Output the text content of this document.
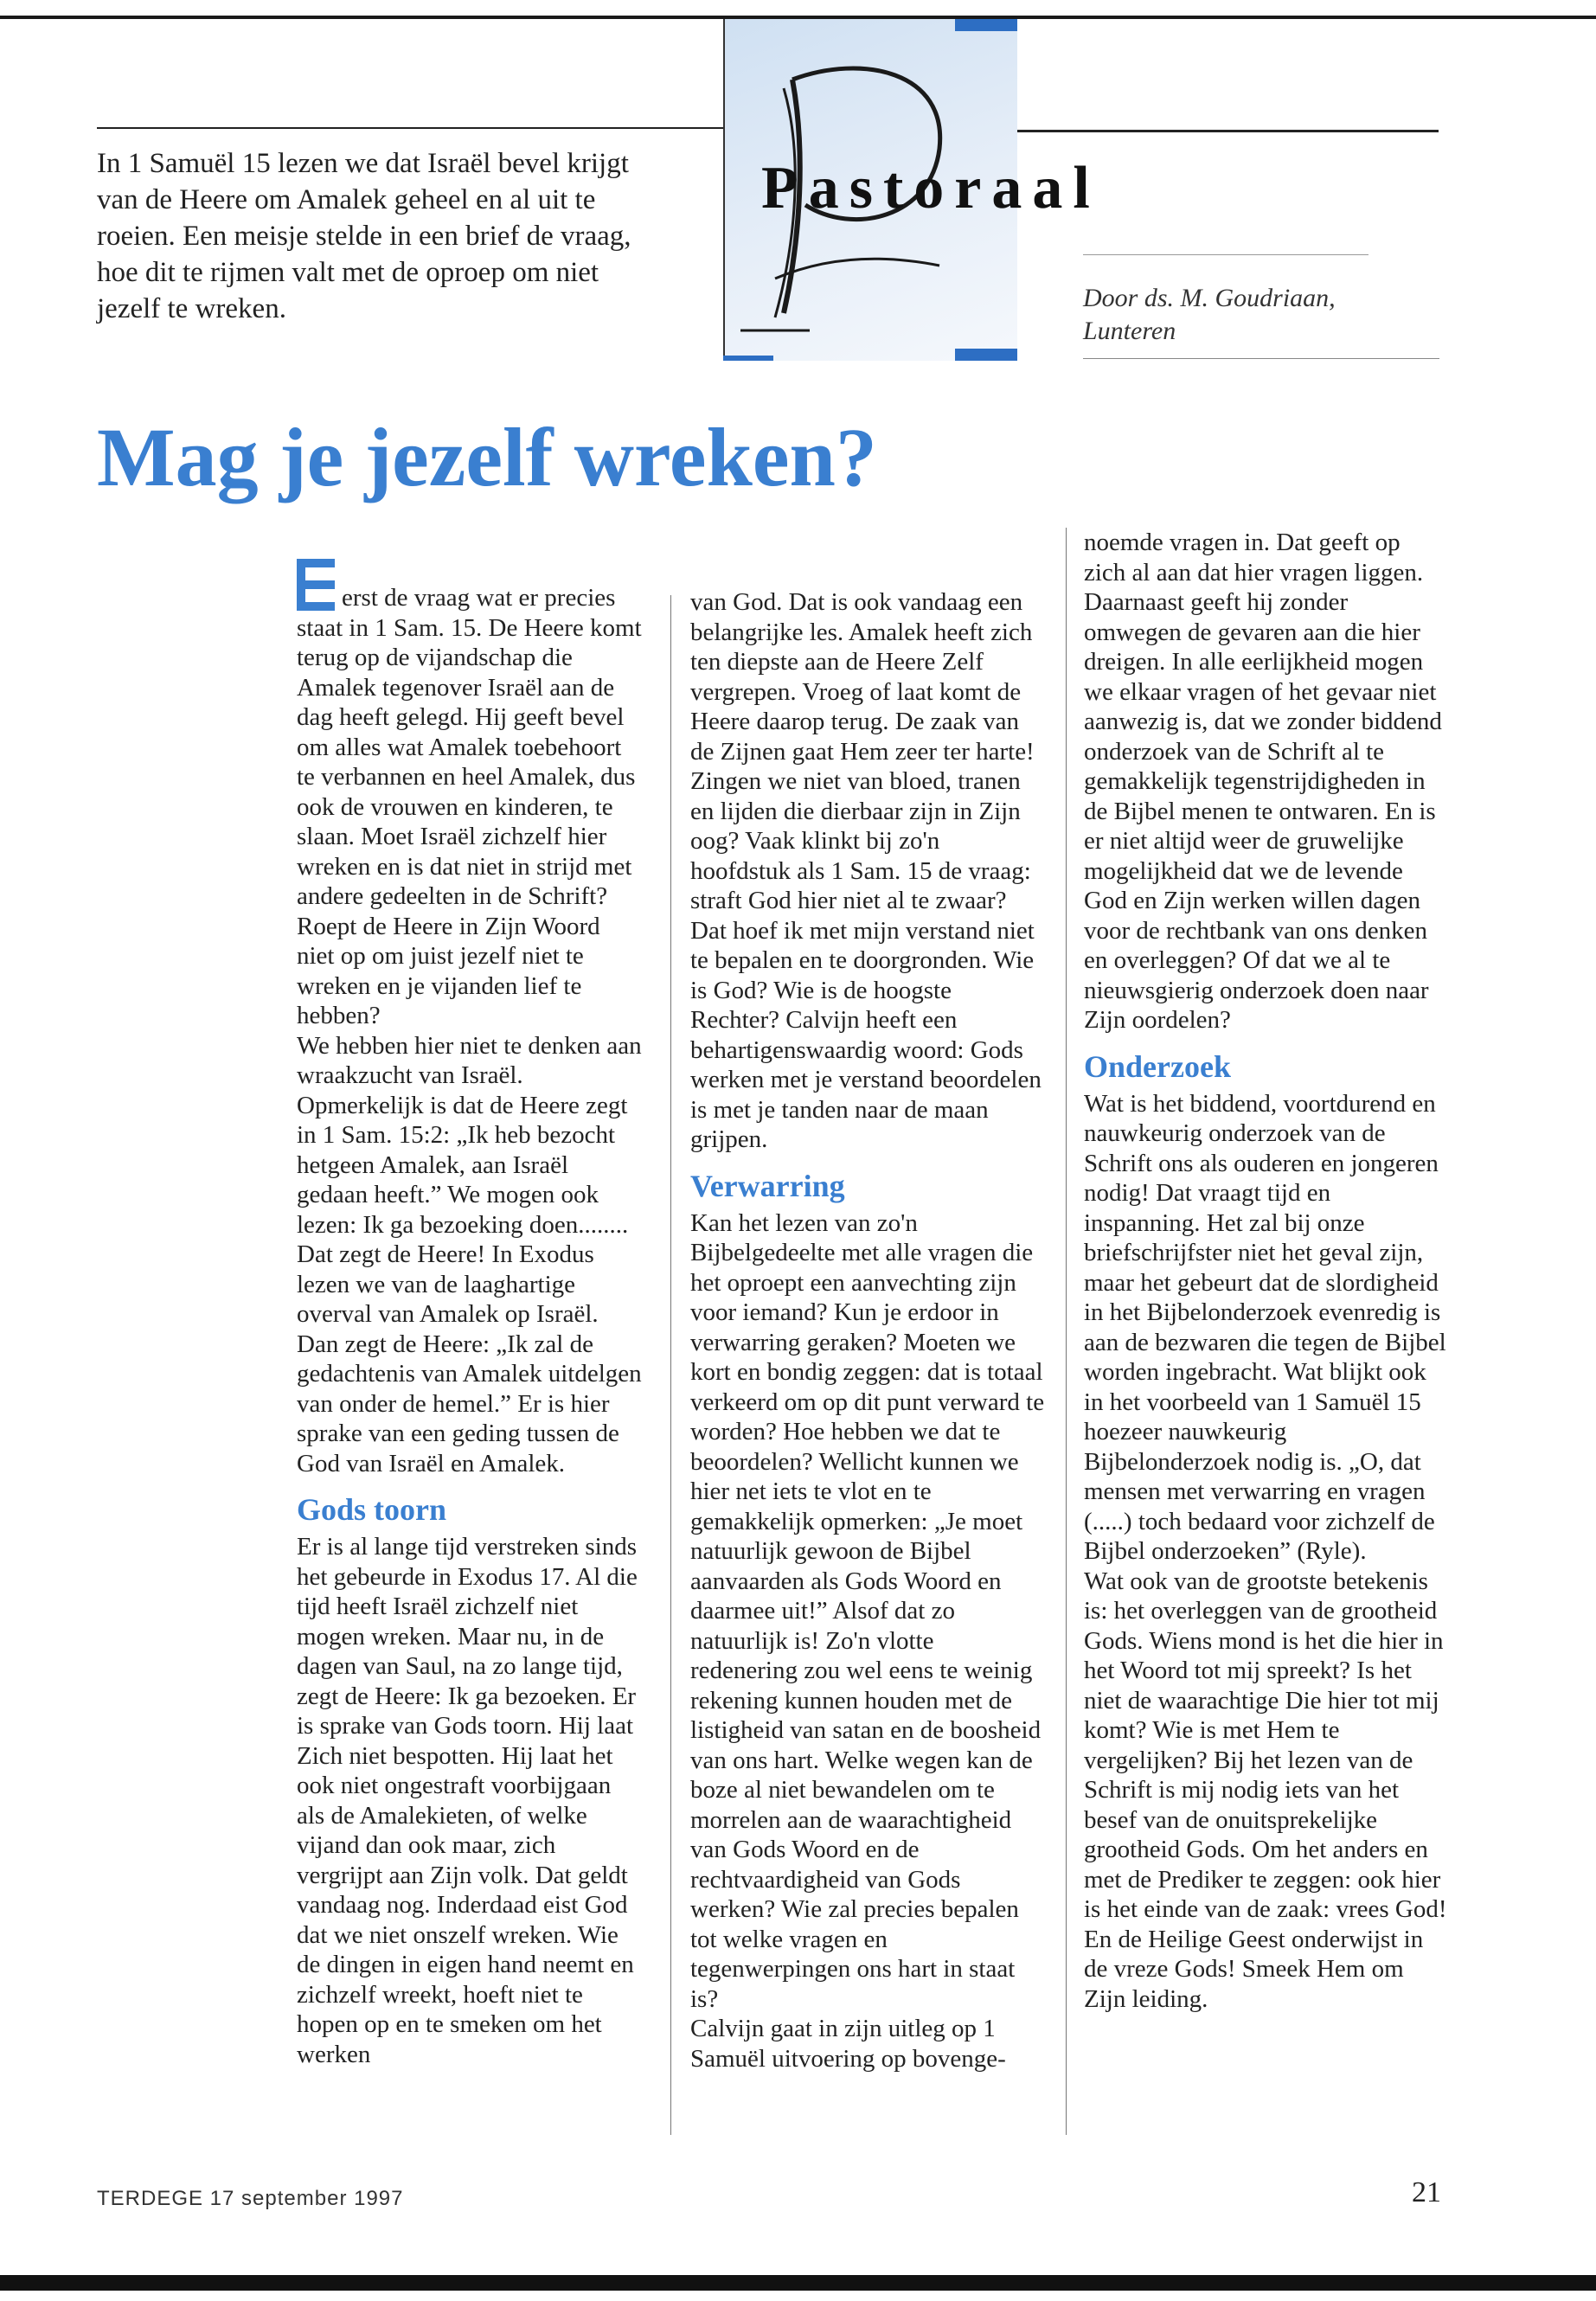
In 1 Samuël 15 lezen we dat Israël bevel krijgt van de Heere om Amalek geheel en al uit te roeien. Een meisje stelde in een brief de vraag, hoe dit te rijmen valt met de oproep om niet jezelf te wreken.
Pastoraal
Door ds. M. Goudriaan,
Lunteren
Mag je jezelf wreken?

erst de vraag wat er precies staat in 1 Sam. 15. De Heere komt terug op de vijandschap die Amalek tegenover Israël aan de dag heeft gelegd. Hij geeft bevel om alles wat Amalek toebehoort te verbannen en heel Amalek, dus ook de vrouwen en kinderen, te slaan. Moet Israël zichzelf hier wreken en is dat niet in strijd met andere gedeelten in de Schrift? Roept de Heere in Zijn Woord niet op om juist jezelf niet te wreken en je vijanden lief te hebben?

We hebben hier niet te denken aan wraakzucht van Israël. Opmerkelijk is dat de Heere zegt in 1 Sam. 15:2: „Ik heb bezocht hetgeen Amalek, aan Israël gedaan heeft.” We mogen ook lezen: Ik ga bezoeking doen........ Dat zegt de Heere! In Exodus lezen we van de laaghartige overval van Amalek op Israël. Dan zegt de Heere: „Ik zal de gedachtenis van Amalek uitdelgen van onder de hemel.” Er is hier sprake van een geding tussen de God van Israël en Amalek.

Gods toorn

Er is al lange tijd verstreken sinds het gebeurde in Exodus 17. Al die tijd heeft Israël zichzelf niet mogen wreken. Maar nu, in de dagen van Saul, na zo lange tijd, zegt de Heere: Ik ga bezoeken. Er is sprake van Gods toorn. Hij laat Zich niet bespotten. Hij laat het ook niet ongestraft voorbijgaan als de Amalekieten, of welke vijand dan ook maar, zich vergrijpt aan Zijn volk. Dat geldt vandaag nog. Inderdaad eist God dat we niet onszelf wreken. Wie de dingen in eigen hand neemt en zichzelf wreekt, hoeft niet te hopen op en te smeken om het werken

van God. Dat is ook vandaag een belangrijke les. Amalek heeft zich ten diepste aan de Heere Zelf vergrepen. Vroeg of laat komt de Heere daarop terug. De zaak van de Zijnen gaat Hem zeer ter harte! Zingen we niet van bloed, tranen en lijden die dierbaar zijn in Zijn oog? Vaak klinkt bij zo'n hoofdstuk als 1 Sam. 15 de vraag: straft God hier niet al te zwaar? Dat hoef ik met mijn verstand niet te bepalen en te doorgronden. Wie is God? Wie is de hoogste Rechter? Calvijn heeft een behartigenswaardig woord: Gods werken met je verstand beoordelen is met je tanden naar de maan grijpen.

Verwarring

Kan het lezen van zo'n Bijbelgedeelte met alle vragen die het oproept een aanvechting zijn voor iemand? Kun je erdoor in verwarring geraken? Moeten we kort en bondig zeggen: dat is totaal verkeerd om op dit punt verward te worden? Hoe hebben we dat te beoordelen? Wellicht kunnen we hier net iets te vlot en te gemakkelijk opmerken: „Je moet natuurlijk gewoon de Bijbel aanvaarden als Gods Woord en daarmee uit!” Alsof dat zo natuurlijk is! Zo'n vlotte redenering zou wel eens te weinig rekening kunnen houden met de listigheid van satan en de boosheid van ons hart. Welke wegen kan de boze al niet bewandelen om te morrelen aan de waarachtigheid van Gods Woord en de rechtvaardigheid van Gods werken? Wie zal precies bepalen tot welke vragen en tegenwerpingen ons hart in staat is?

Calvijn gaat in zijn uitleg op 1 Samuël uitvoering op bovenge-

noemde vragen in. Dat geeft op zich al aan dat hier vragen liggen. Daarnaast geeft hij zonder omwegen de gevaren aan die hier dreigen. In alle eerlijkheid mogen we elkaar vragen of het gevaar niet aanwezig is, dat we zonder biddend onderzoek van de Schrift al te gemakkelijk tegenstrijdigheden in de Bijbel menen te ontwaren. En is er niet altijd weer de gruwelijke mogelijkheid dat we de levende God en Zijn werken willen dagen voor de rechtbank van ons denken en overleggen? Of dat we al te nieuwsgierig onderzoek doen naar Zijn oordelen?

Onderzoek

Wat is het biddend, voortdurend en nauwkeurig onderzoek van de Schrift ons als ouderen en jongeren nodig! Dat vraagt tijd en inspanning. Het zal bij onze briefschrijfster niet het geval zijn, maar het gebeurt dat de slordigheid in het Bijbelonderzoek evenredig is aan de bezwaren die tegen de Bijbel worden ingebracht. Wat blijkt ook in het voorbeeld van 1 Samuël 15 hoezeer nauwkeurig Bijbelonderzoek nodig is. „O, dat mensen met verwarring en vragen (.....) toch bedaard voor zichzelf de Bijbel onderzoeken” (Ryle).

Wat ook van de grootste betekenis is: het overleggen van de grootheid Gods. Wiens mond is het die hier in het Woord tot mij spreekt? Is het niet de waarachtige Die hier tot mij komt? Wie is met Hem te vergelijken? Bij het lezen van de Schrift is mij nodig iets van het besef van de onuitsprekelijke grootheid Gods. Om het anders en met de Prediker te zeggen: ook hier is het einde van de zaak: vrees God! En de Heilige Geest onderwijst in de vreze Gods! Smeek Hem om Zijn leiding.

TERDEGE 17 september 1997	21
